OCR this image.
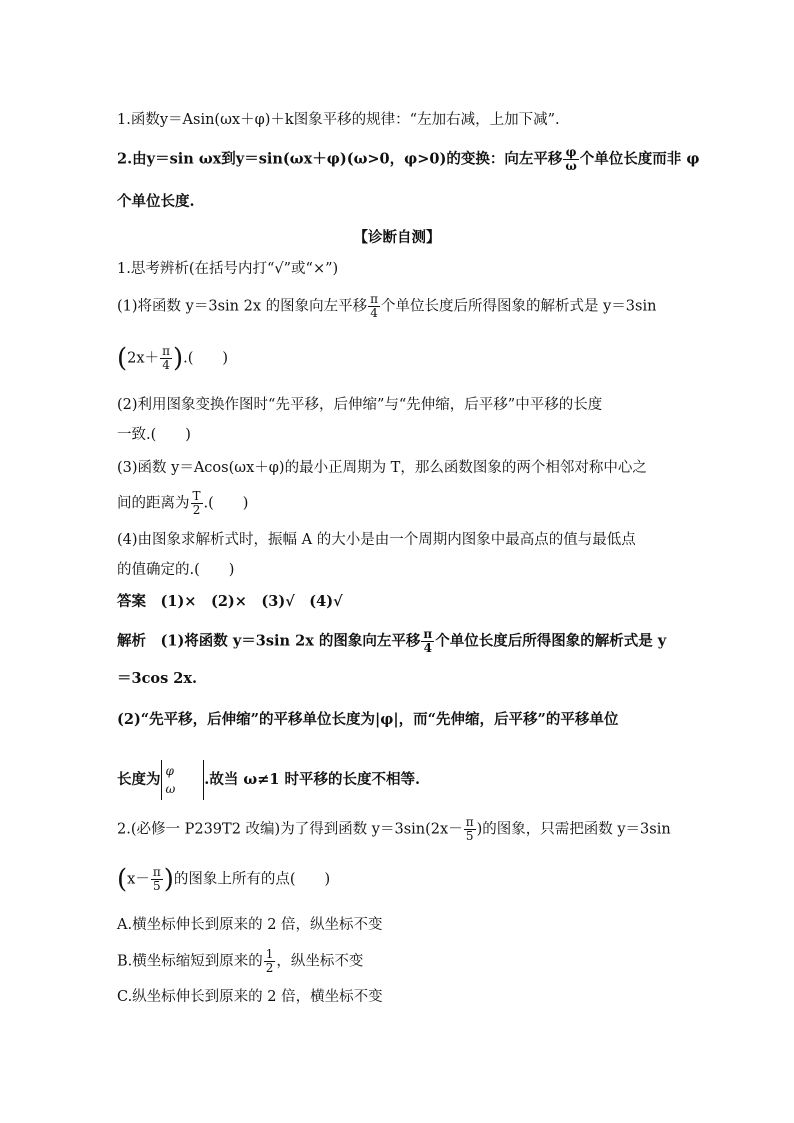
1.函数y＝Asin(ωx＋φ)＋k图象平移的规律：“左加右减，上加下减”.
2.由y＝sin ωx到y＝sin(ωx＋φ)(ω>0，φ>0)的变换：向左平移 $\frac{\varphi}{\omega}$ 个单位长度而非 φ
个单位长度.
【诊断自测】
1.思考辨析(在括号内打“√”或“×”)
(1)将函数 y＝3sin 2x 的图象向左平移 $\frac{\pi}{4}$ 个单位长度后所得图象的解析式是 y＝3sin
($2x+ \frac{\pi}{4}$ ).(　　)
(2)利用图象变换作图时“先平移，后伸缩”与“先伸缩，后平移”中平移的长度
一致.(　　)
(3)函数 y＝Acos(ωx＋φ)的最小正周期为 T，那么函数图象的两个相邻对称中心之
间的距离为 $\frac{T}{2}$ .(　　)
(4)由图象求解析式时，振幅 A 的大小是由一个周期内图象中最高点的值与最低点
的值确定的.(　　)
答案　(1)×　(2)×　(3)√　(4)√
解析　(1)将函数 y＝3sin 2x 的图象向左平移 $\frac{\pi}{4}$ 个单位长度后所得图象的解析式是 y
＝3cos 2x.
(2)“先平移，后伸缩”的平移单位长度为|φ|，而“先伸缩，后平移”的平移单位
长度为 φ
ω
.故当 ω≠1 时平移的长度不相等.
2.(必修一 P239T2 改编)为了得到函数 $y=3\sin(2x- \frac{\pi}{5}$ )的图象，只需把函数 y＝3sin
($x- \frac{\pi}{5}$ )的图象上所有的点(　　)
A.横坐标伸长到原来的 2 倍，纵坐标不变
B.横坐标缩短到原来的 $\frac{1}{2}$ ，纵坐标不变
C.纵坐标伸长到原来的 2 倍，横坐标不变
